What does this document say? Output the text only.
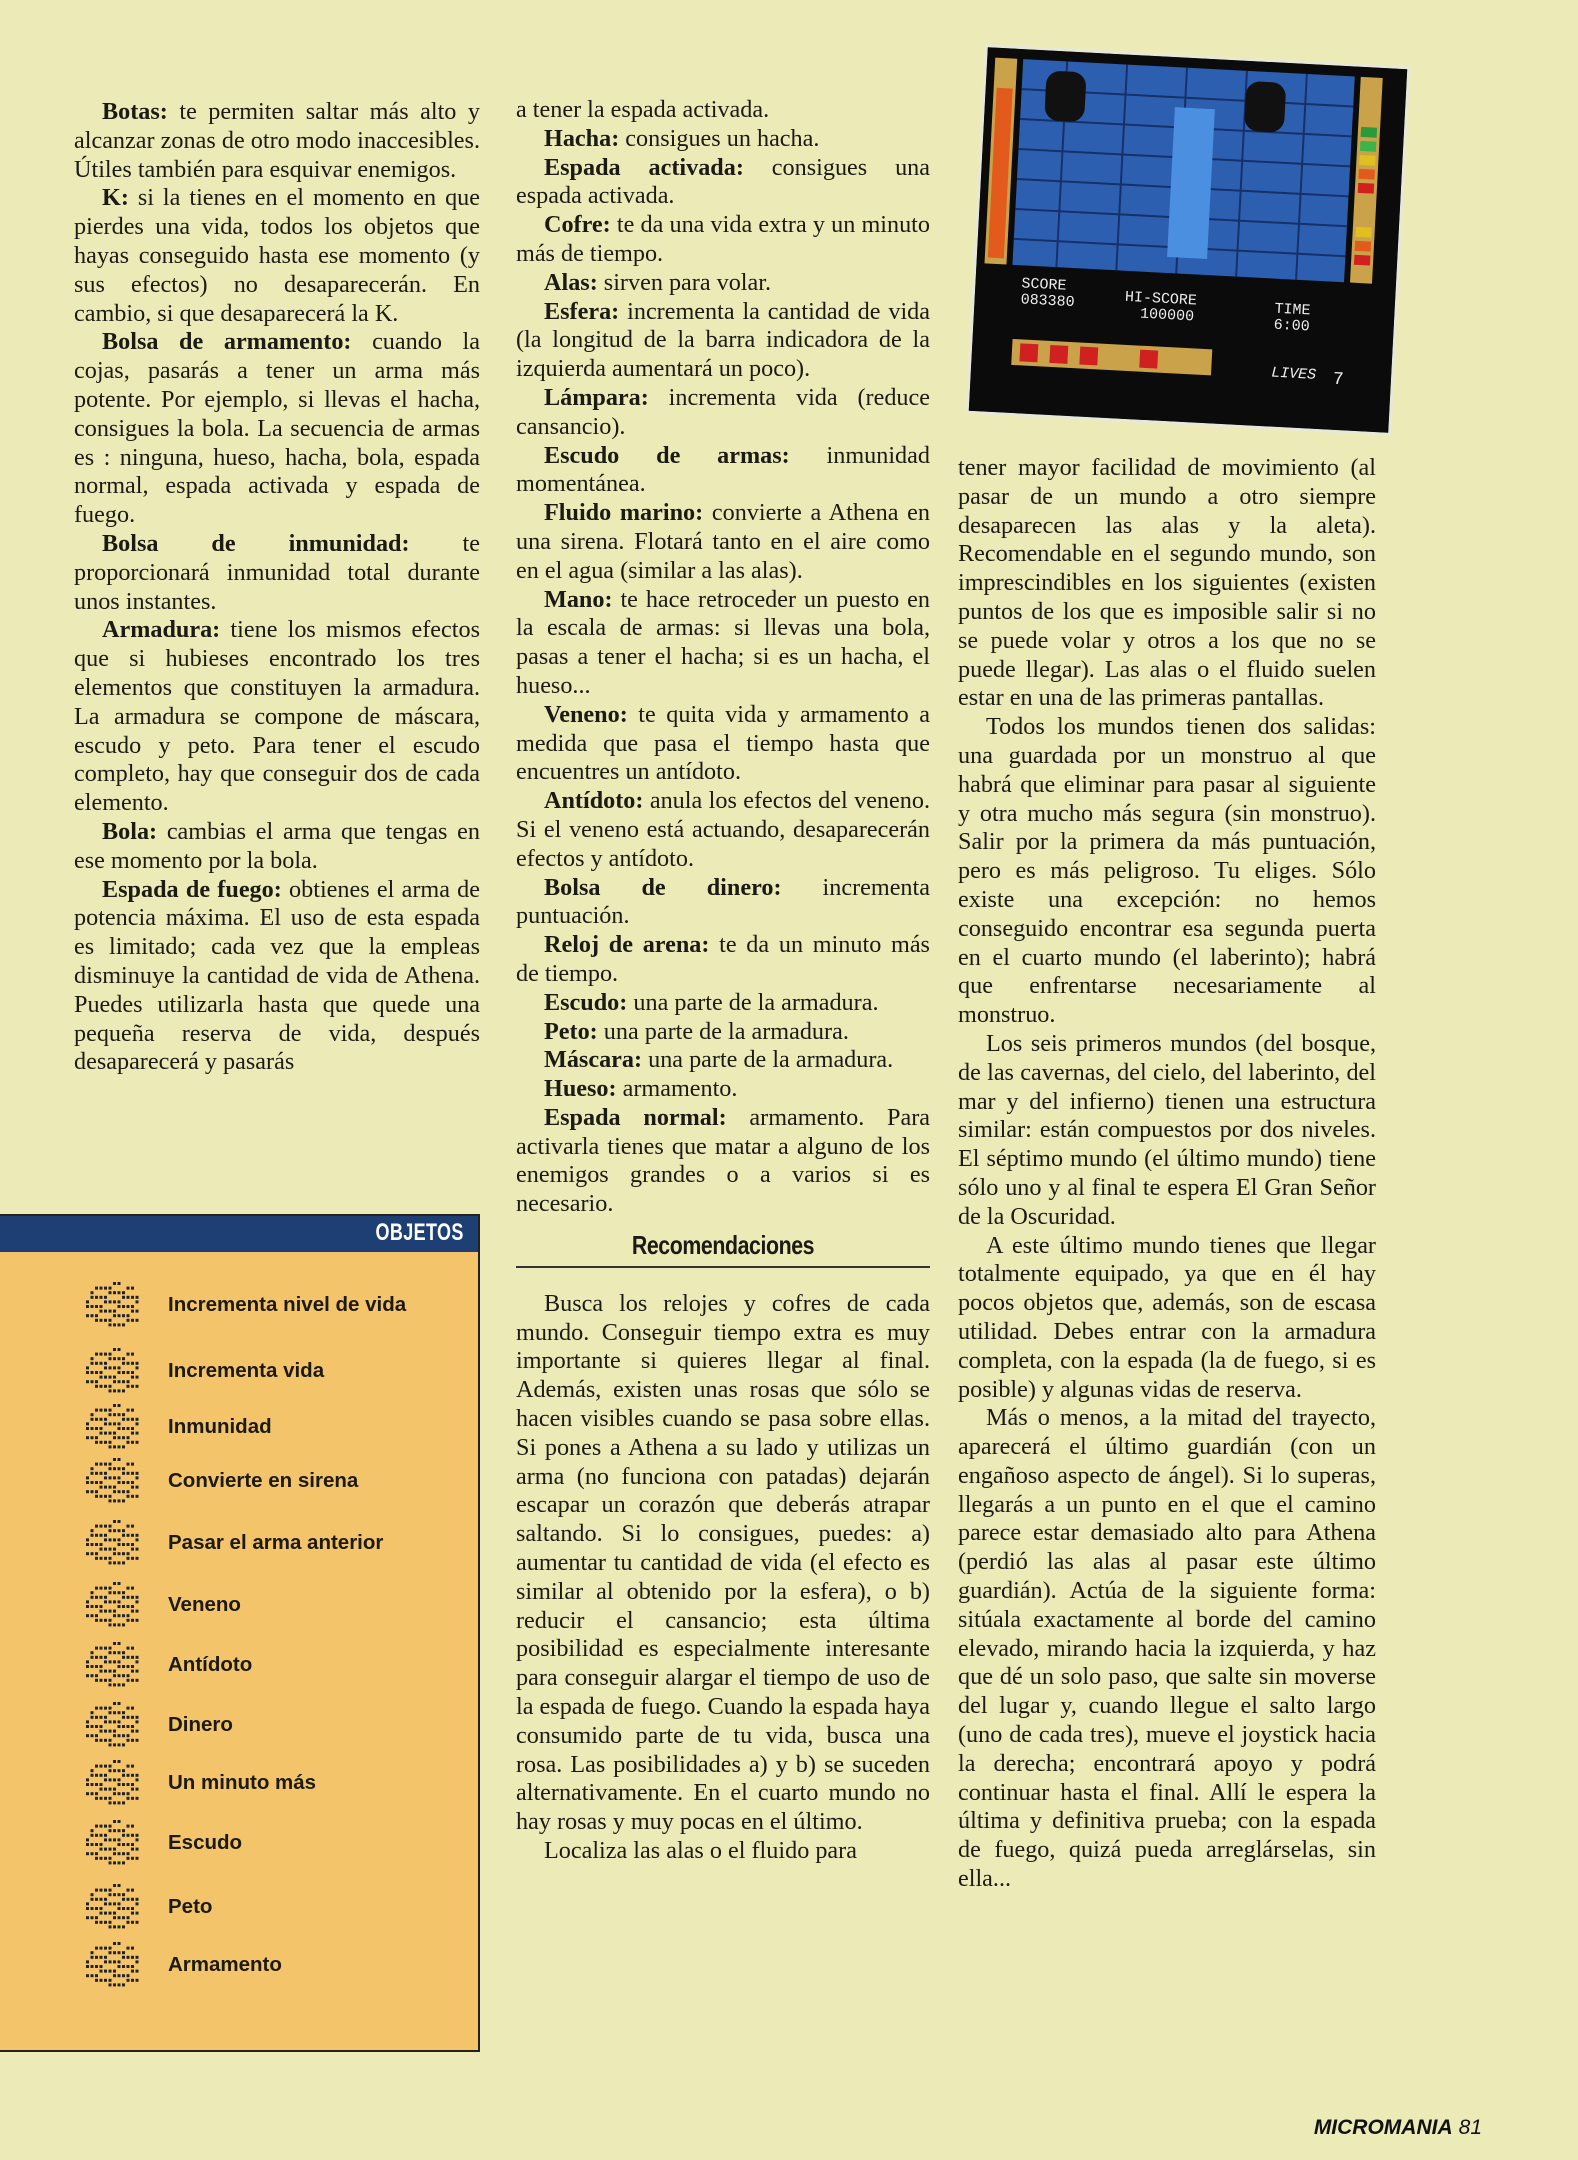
SCORE
083380	HI-SCORE
100000	TIME
6:00
LIVES 7

Botas: te permiten saltar más alto y alcanzar zonas de otro modo inaccesibles. Útiles también para esquivar enemigos.

K: si la tienes en el momento en que pierdes una vida, todos los objetos que hayas conseguido hasta ese momento (y sus efectos) no desaparecerán. En cambio, si que desaparecerá la K.

Bolsa de armamento: cuando la cojas, pasarás a tener un arma más potente. Por ejemplo, si llevas el hacha, consigues la bola. La secuencia de armas es : ninguna, hueso, hacha, bola, espada normal, espada activada y espada de fuego.

Bolsa de inmunidad: te proporcionará inmunidad total durante unos instantes.

Armadura: tiene los mismos efectos que si hubieses encontrado los tres elementos que constituyen la armadura. La armadura se compone de máscara, escudo y peto. Para tener el escudo completo, hay que conseguir dos de cada elemento.

Bola: cambias el arma que tengas en ese momento por la bola.

Espada de fuego: obtienes el arma de potencia máxima. El uso de esta espada es limitado; cada vez que la empleas disminuye la cantidad de vida de Athena. Puedes utilizarla hasta que quede una pequeña reserva de vida, después desaparecerá y pasarás

a tener la espada activada.

Hacha: consigues un hacha.

Espada activada: consigues una espada activada.

Cofre: te da una vida extra y un minuto más de tiempo.

Alas: sirven para volar.

Esfera: incrementa la cantidad de vida (la longitud de la barra indicadora de la izquierda aumentará un poco).

Lámpara: incrementa vida (reduce cansancio).

Escudo de armas: inmunidad momentánea.

Fluido marino: convierte a Athena en una sirena. Flotará tanto en el aire como en el agua (similar a las alas).

Mano: te hace retroceder un puesto en la escala de armas: si llevas una bola, pasas a tener el hacha; si es un hacha, el hueso...

Veneno: te quita vida y armamento a medida que pasa el tiempo hasta que encuentres un antídoto.

Antídoto: anula los efectos del veneno. Si el veneno está actuando, desaparecerán efectos y antídoto.

Bolsa de dinero: incrementa puntuación.

Reloj de arena: te da un minuto más de tiempo.

Escudo: una parte de la armadura.

Peto: una parte de la armadura.

Máscara: una parte de la armadura.

Hueso: armamento.

Espada normal: armamento. Para activarla tienes que matar a alguno de los enemigos grandes o a varios si es necesario.

Recomendaciones

Busca los relojes y cofres de cada mundo. Conseguir tiempo extra es muy importante si quieres llegar al final. Además, existen unas rosas que sólo se hacen visibles cuando se pasa sobre ellas. Si pones a Athena a su lado y utilizas un arma (no funciona con patadas) dejarán escapar un corazón que deberás atrapar saltando. Si lo consigues, puedes: a) aumentar tu cantidad de vida (el efecto es similar al obtenido por la esfera), o b) reducir el cansancio; esta última posibilidad es especialmente interesante para conseguir alargar el tiempo de uso de la espada de fuego. Cuando la espada haya consumido parte de tu vida, busca una rosa. Las posibilidades a) y b) se suceden alternativamente. En el cuarto mundo no hay rosas y muy pocas en el último.

Localiza las alas o el fluido para

tener mayor facilidad de movimiento (al pasar de un mundo a otro siempre desaparecen las alas y la aleta). Recomendable en el segundo mundo, son imprescindibles en los siguientes (existen puntos de los que es imposible salir si no se puede volar y otros a los que no se puede llegar). Las alas o el fluido suelen estar en una de las primeras pantallas.

Todos los mundos tienen dos salidas: una guardada por un monstruo al que habrá que eliminar para pasar al siguiente y otra mucho más segura (sin monstruo). Salir por la primera da más puntuación, pero es más peligroso. Tu eliges. Sólo existe una excepción: no hemos conseguido encontrar esa segunda puerta en el cuarto mundo (el laberinto); habrá que enfrentarse necesariamente al monstruo.

Los seis primeros mundos (del bosque, de las cavernas, del cielo, del laberinto, del mar y del infierno) tienen una estructura similar: están compuestos por dos niveles. El séptimo mundo (el último mundo) tiene sólo uno y al final te espera El Gran Señor de la Oscuridad.

A este último mundo tienes que llegar totalmente equipado, ya que en él hay pocos objetos que, además, son de escasa utilidad. Debes entrar con la armadura completa, con la espada (la de fuego, si es posible) y algunas vidas de reserva.

Más o menos, a la mitad del trayecto, aparecerá el último guardián (con un engañoso aspecto de ángel). Si lo superas, llegarás a un punto en el que el camino parece estar demasiado alto para Athena (perdió las alas al pasar este último guardián). Actúa de la siguiente forma: sitúala exactamente al borde del camino elevado, mirando hacia la izquierda, y haz que dé un solo paso, que salte sin moverse del lugar y, cuando llegue el salto largo (uno de cada tres), mueve el joystick hacia la derecha; encontrará apoyo y podrá continuar hasta el final. Allí le espera la última y definitiva prueba; con la espada de fuego, quizá pueda arreglárselas, sin ella...

OBJETOS
Incrementa nivel de vida
Incrementa vida
Inmunidad
Convierte en sirena
Pasar el arma anterior
Veneno
Antídoto
Dinero
Un minuto más
Escudo
Peto
Armamento
MICROMANIA 81
